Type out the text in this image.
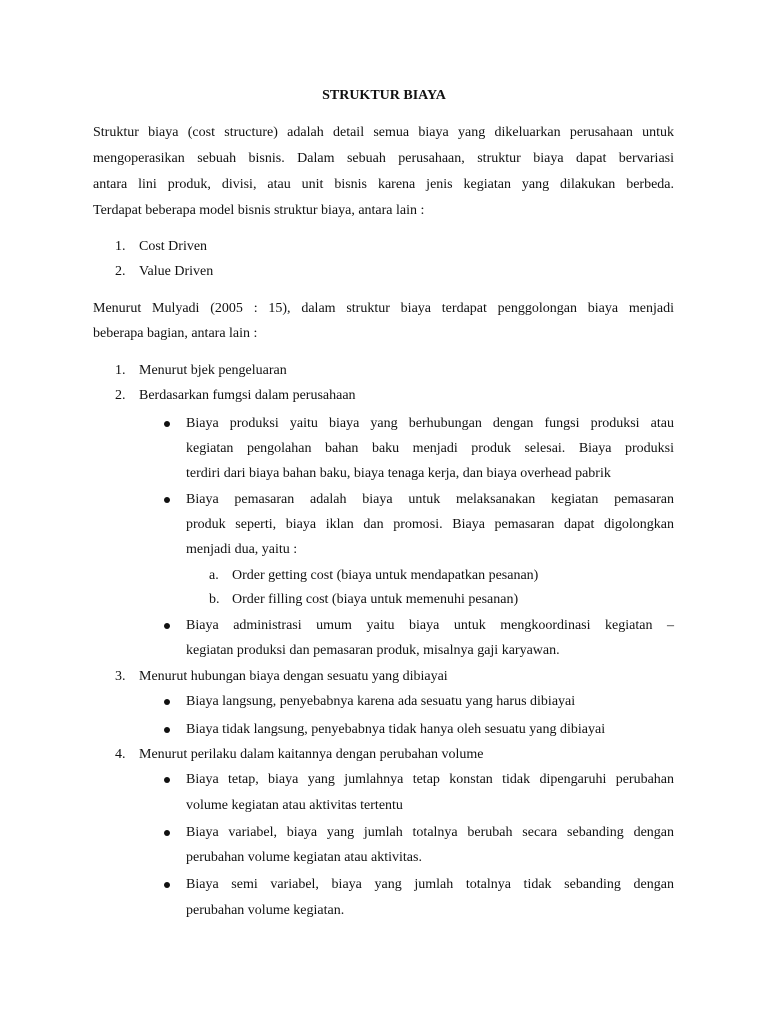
STRUKTUR BIAYA
Struktur biaya (cost structure) adalah detail semua biaya yang dikeluarkan perusahaan untuk
mengoperasikan sebuah bisnis. Dalam sebuah perusahaan, struktur biaya dapat bervariasi
antara lini produk, divisi, atau unit bisnis karena jenis kegiatan yang dilakukan berbeda.
Terdapat beberapa model bisnis struktur biaya, antara lain :
1. Cost Driven
2. Value Driven
Menurut Mulyadi (2005 : 15), dalam struktur biaya terdapat penggolongan biaya menjadi
beberapa bagian, antara lain :
1. Menurut bjek pengeluaran
2. Berdasarkan fumgsi dalam perusahaan
Biaya produksi yaitu biaya yang berhubungan dengan fungsi produksi atau
kegiatan pengolahan bahan baku menjadi produk selesai. Biaya produksi
terdiri dari biaya bahan baku, biaya tenaga kerja, dan biaya overhead pabrik
Biaya pemasaran adalah biaya untuk melaksanakan kegiatan pemasaran
produk seperti, biaya iklan dan promosi. Biaya pemasaran dapat digolongkan
menjadi dua, yaitu :
a. Order getting cost (biaya untuk mendapatkan pesanan)
b. Order filling cost (biaya untuk memenuhi pesanan)
Biaya administrasi umum yaitu biaya untuk mengkoordinasi kegiatan –
kegiatan produksi dan pemasaran produk, misalnya gaji karyawan.
3. Menurut hubungan biaya dengan sesuatu yang dibiayai
Biaya langsung, penyebabnya karena ada sesuatu yang harus dibiayai
Biaya tidak langsung, penyebabnya tidak hanya oleh sesuatu yang dibiayai
4. Menurut perilaku dalam kaitannya dengan perubahan volume
Biaya tetap, biaya yang jumlahnya tetap konstan tidak dipengaruhi perubahan
volume kegiatan atau aktivitas tertentu
Biaya variabel, biaya yang jumlah totalnya berubah secara sebanding dengan
perubahan volume kegiatan atau aktivitas.
Biaya semi variabel, biaya yang jumlah totalnya tidak sebanding dengan
perubahan volume kegiatan.
